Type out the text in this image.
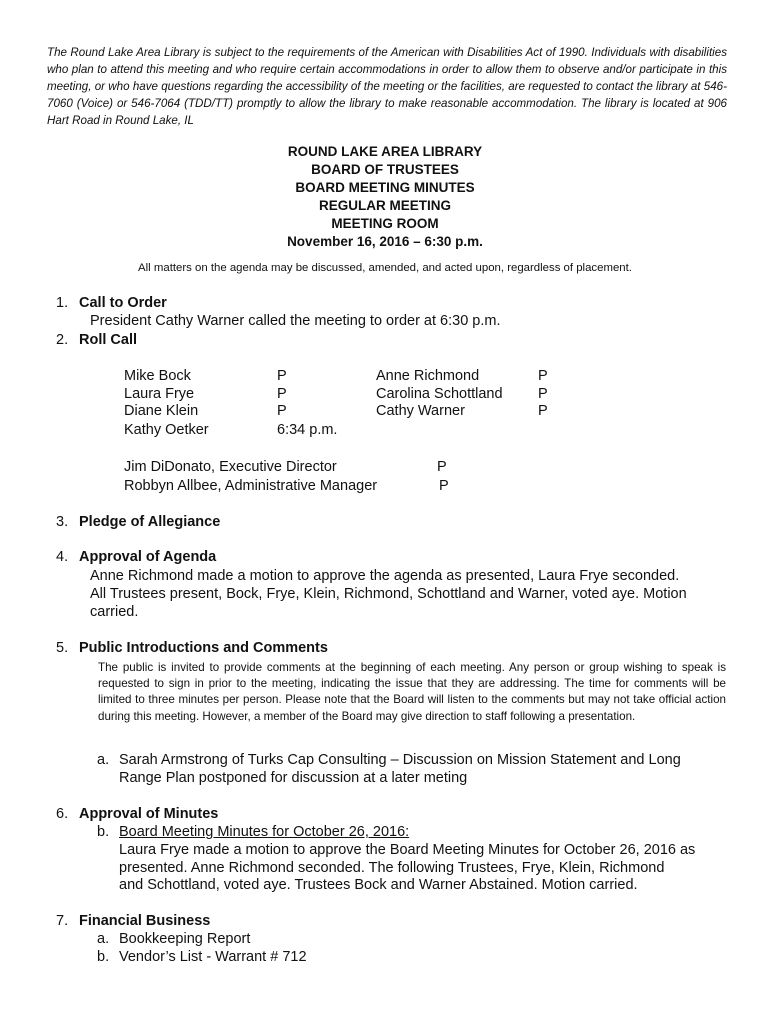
The Round Lake Area Library is subject to the requirements of the American with Disabilities Act of 1990. Individuals with disabilities who plan to attend this meeting and who require certain accommodations in order to allow them to observe and/or participate in this meeting, or who have questions regarding the accessibility of the meeting or the facilities, are requested to contact the library at 546-7060 (Voice) or 546-7064 (TDD/TT) promptly to allow the library to make reasonable accommodation. The library is located at 906 Hart Road in Round Lake, IL
ROUND LAKE AREA LIBRARY
BOARD OF TRUSTEES
BOARD MEETING MINUTES
REGULAR MEETING
MEETING ROOM
November 16, 2016 – 6:30 p.m.
All matters on the agenda may be discussed, amended, and acted upon, regardless of placement.
1. Call to Order
President Cathy Warner called the meeting to order at 6:30 p.m.
2. Roll Call
Mike Bock	P
Laura Frye	P
Diane Klein	P
Kathy Oetker	6:34 p.m.
Anne Richmond	P
Carolina Schottland P
Cathy Warner	P
Jim DiDonato, Executive Director	P
Robbyn Allbee, Administrative Manager	P
3. Pledge of Allegiance
4. Approval of Agenda
Anne Richmond made a motion to approve the agenda as presented, Laura Frye seconded.
All Trustees present, Bock, Frye, Klein, Richmond, Schottland and Warner, voted aye. Motion
carried.
5. Public Introductions and Comments
The public is invited to provide comments at the beginning of each meeting. Any person or group wishing to speak is requested to sign in prior to the meeting, indicating the issue that they are addressing. The time for comments will be limited to three minutes per person. Please note that the Board will listen to the comments but may not take official action during this meeting. However, a member of the Board may give direction to staff following a presentation.
a. Sarah Armstrong of Turks Cap Consulting – Discussion on Mission Statement and Long
Range Plan postponed for discussion at a later meting
6. Approval of Minutes
b. Board Meeting Minutes for October 26, 2016:
Laura Frye made a motion to approve the Board Meeting Minutes for October 26, 2016 as
presented. Anne Richmond seconded. The following Trustees, Frye, Klein, Richmond
and Schottland, voted aye. Trustees Bock and Warner Abstained. Motion carried.
7. Financial Business
a. Bookkeeping Report
b. Vendor’s List - Warrant # 712
